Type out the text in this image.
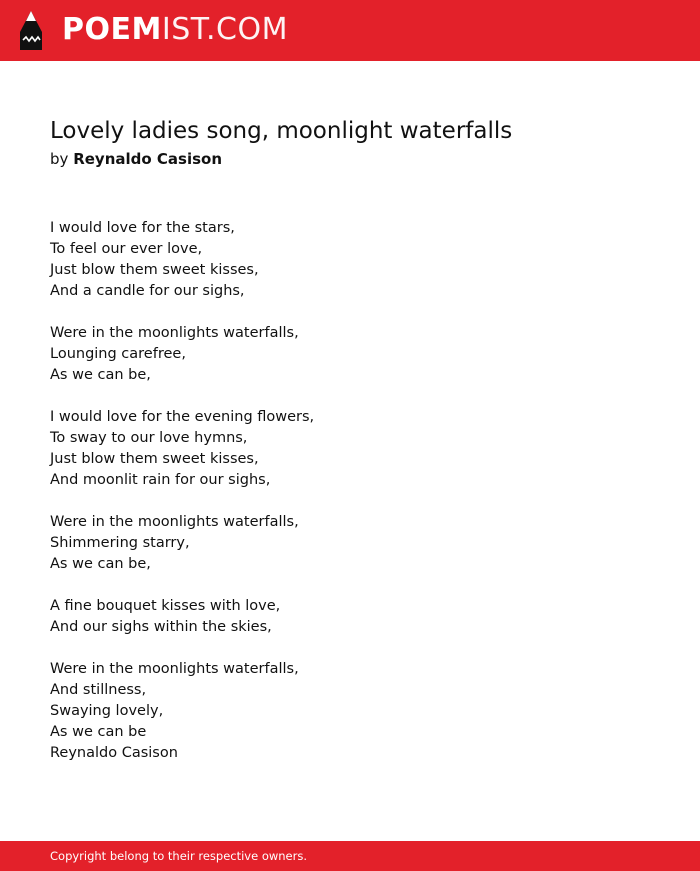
POEMIST.COM
Lovely ladies song, moonlight waterfalls
by Reynaldo Casison
I would love for the stars,
To feel our ever love,
Just blow them sweet kisses,
And a candle for our sighs,
Were in the moonlights waterfalls,
Lounging carefree,
As we can be,
I would love for the evening flowers,
To sway to our love hymns,
Just blow them sweet kisses,
And moonlit rain for our sighs,
Were in the moonlights waterfalls,
Shimmering starry,
As we can be,
A fine bouquet kisses with love,
And our sighs within the skies,
Were in the moonlights waterfalls,
And stillness,
Swaying lovely,
As we can be
Reynaldo Casison
Copyright belong to their respective owners.
